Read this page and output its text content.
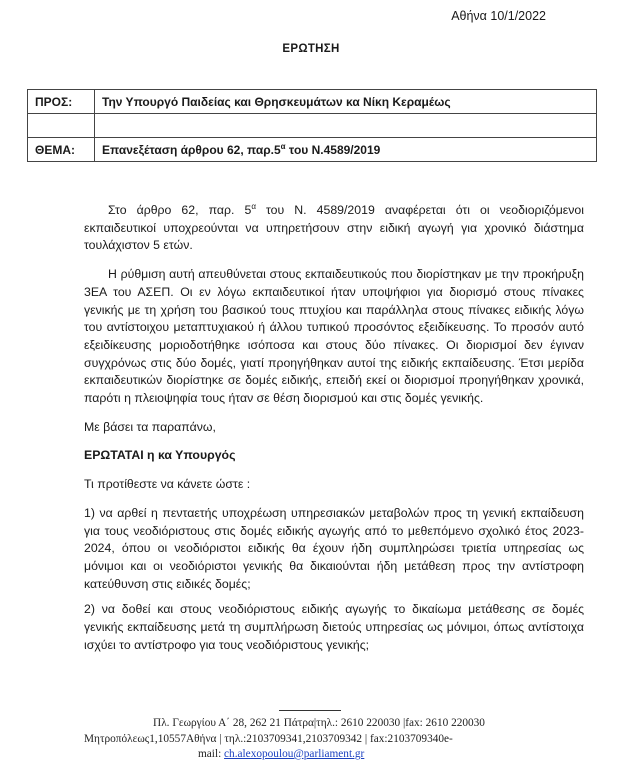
Αθήνα 10/1/2022
ΕΡΩΤΗΣΗ
ΠΡΟΣ:	Την Υπουργό Παιδείας και Θρησκευμάτων κα Νίκη Κεραμέως

ΘΕΜΑ:	Επανεξέταση άρθρου 62, $\pi\alpha\rho.5^\alpha$ του Ν.4589/2019

Στο άρθρο 62, παρ. $5^\alpha$ του Ν. 4589/2019 αναφέρεται ότι οι νεοδιοριζόμενοι εκπαιδευτικοί υποχρεούνται να υπηρετήσουν στην ειδική αγωγή για χρονικό διάστημα τουλάχιστον 5 ετών.

Η ρύθμιση αυτή απευθύνεται στους εκπαιδευτικούς που διορίστηκαν με την προκήρυξη 3ΕΑ του ΑΣΕΠ. Οι εν λόγω εκπαιδευτικοί ήταν υποψήφιοι για διορισμό στους πίνακες γενικής με τη χρήση του βασικού τους πτυχίου και παράλληλα στους πίνακες ειδικής λόγω του αντίστοιχου μεταπτυχιακού ή άλλου τυπικού προσόντος εξειδίκευσης. Το προσόν αυτό εξειδίκευσης μοριοδοτήθηκε ισόποσα και στους δύο πίνακες. Οι διορισμοί δεν έγιναν συγχρόνως στις δύο δομές, γιατί προηγήθηκαν αυτοί της ειδικής εκπαίδευσης. Έτσι μερίδα εκπαιδευτικών διορίστηκε σε δομές ειδικής, επειδή εκεί οι διορισμοί προηγήθηκαν χρονικά, παρότι η πλειοψηφία τους ήταν σε θέση διορισμού και στις δομές γενικής.

Με βάσει τα παραπάνω,

ΕΡΩΤΑΤΑΙ η κα Υπουργός

Τι προτίθεστε να κάνετε ώστε :

1) να αρθεί η πενταετής υποχρέωση υπηρεσιακών μεταβολών προς τη γενική εκπαίδευση για τους νεοδιόριστους στις δομές ειδικής αγωγής από το μεθεπόμενο σχολικό έτος 2023-2024, όπου οι νεοδιόριστοι ειδικής θα έχουν ήδη συμπληρώσει τριετία υπηρεσίας ως μόνιμοι και οι νεοδιόριστοι γενικής θα δικαιούνται ήδη μετάθεση προς την αντίστροφη κατεύθυνση στις ειδικές δομές;

2) να δοθεί και στους νεοδιόριστους ειδικής αγωγής το δικαίωμα μετάθεσης σε δομές γενικής εκπαίδευσης μετά τη συμπλήρωση διετούς υπηρεσίας ως μόνιμοι, όπως αντίστοιχα ισχύει το αντίστροφο για τους νεοδιόριστους γενικής;

Πλ. Γεωργίου Α΄ 28, 262 21 Πάτρα|τηλ.: 2610 220030 |fax: 2610 220030
Μητροπόλεως1,10557Αθήνα | τηλ.:2103709341,2103709342 | fax:2103709340e-
mail: ch.alexopoulou@parliament.gr
